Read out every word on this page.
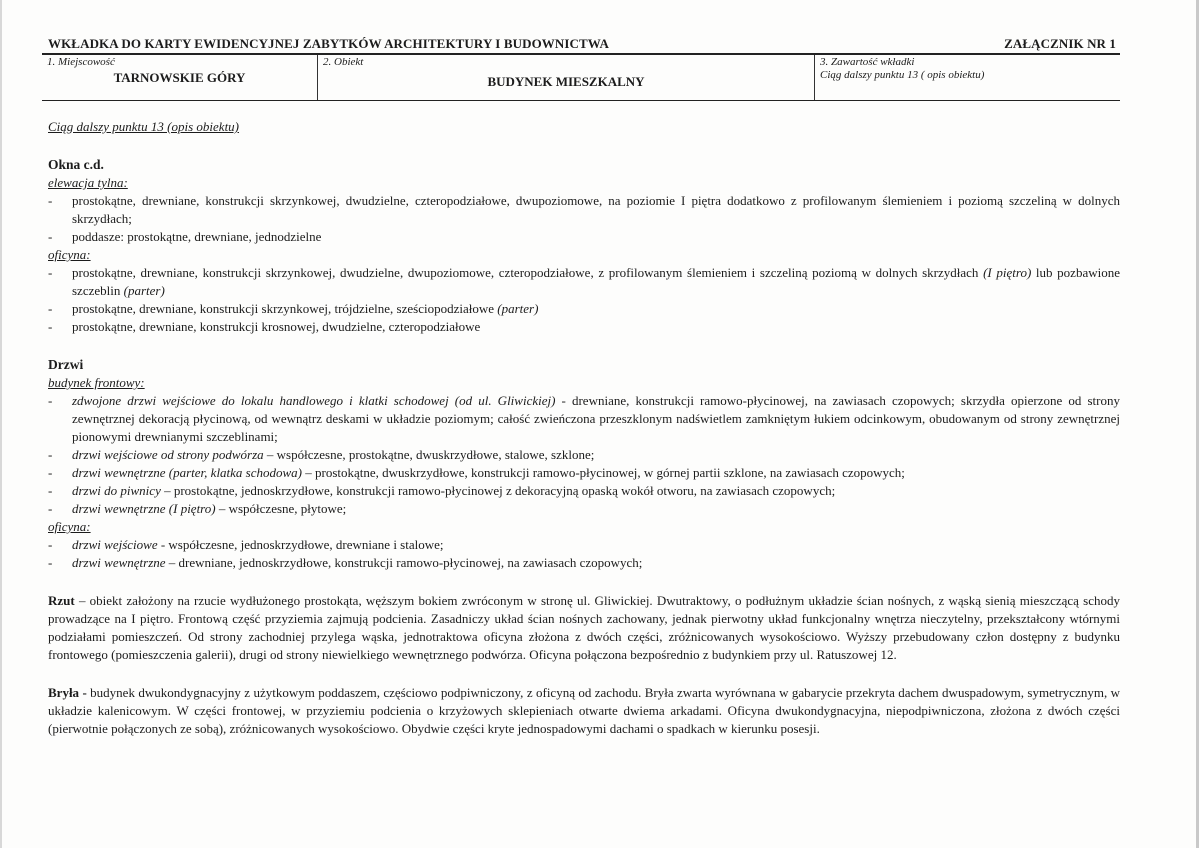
WKŁADKA DO KARTY EWIDENCYJNEJ ZABYTKÓW ARCHITEKTURY I BUDOWNICTWA	ZAŁĄCZNIK NR 1
1. Miejscowość
TARNOWSKIE GÓRY
2. Obiekt
BUDYNEK MIESZKALNY
3. Zawartość wkładki
Ciąg dalszy punktu 13 ( opis obiektu)
Ciąg dalszy punktu 13 (opis obiektu)
Okna c.d.
elewacja tylna:
-	prostokątne, drewniane, konstrukcji skrzynkowej, dwudzielne, czteropodziałowe, dwupoziomowe, na poziomie I piętra dodatkowo z profilowanym ślemieniem i poziomą szczeliną w dolnych skrzydłach;
-	poddasze: prostokątne, drewniane, jednodzielne
oficyna:
-	prostokątne, drewniane, konstrukcji skrzynkowej, dwudzielne, dwupoziomowe, czteropodziałowe, z profilowanym ślemieniem i szczeliną poziomą w dolnych skrzydłach (I piętro) lub pozbawione szczeblin (parter)
-	prostokątne, drewniane, konstrukcji skrzynkowej, trójdzielne, sześciopodziałowe (parter)
-	prostokątne, drewniane, konstrukcji krosnowej, dwudzielne, czteropodziałowe
Drzwi
budynek frontowy:
-	zdwojone drzwi wejściowe do lokalu handlowego i klatki schodowej (od ul. Gliwickiej) - drewniane, konstrukcji ramowo-płycinowej, na zawiasach czopowych; skrzydła opierzone od strony zewnętrznej dekoracją płycinową, od wewnątrz deskami w układzie poziomym; całość zwieńczona przeszklonym nadświetlem zamkniętym łukiem odcinkowym, obudowanym od strony zewnętrznej pionowymi drewnianymi szczeblinami;
-	drzwi wejściowe od strony podwórza – współczesne, prostokątne, dwuskrzydłowe, stalowe, szklone;
-	drzwi wewnętrzne (parter, klatka schodowa) – prostokątne, dwuskrzydłowe, konstrukcji ramowo-płycinowej, w górnej partii szklone, na zawiasach czopowych;
-	drzwi do piwnicy – prostokątne, jednoskrzydłowe, konstrukcji ramowo-płycinowej z dekoracyjną opaską wokół otworu, na zawiasach czopowych;
-	drzwi wewnętrzne (I piętro) – współczesne, płytowe;
oficyna:
-	drzwi wejściowe - współczesne, jednoskrzydłowe, drewniane i stalowe;
-	drzwi wewnętrzne – drewniane, jednoskrzydłowe, konstrukcji ramowo-płycinowej, na zawiasach czopowych;
Rzut – obiekt założony na rzucie wydłużonego prostokąta, węższym bokiem zwróconym w stronę ul. Gliwickiej. Dwutraktowy, o podłużnym układzie ścian nośnych, z wąską sienią mieszczącą schody prowadzące na I piętro. Frontową część przyziemia zajmują podcienia. Zasadniczy układ ścian nośnych zachowany, jednak pierwotny układ funkcjonalny wnętrza nieczytelny, przekształcony wtórnymi podziałami pomieszczeń. Od strony zachodniej przylega wąska, jednotraktowa oficyna złożona z dwóch części, zróżnicowanych wysokościowo. Wyższy przebudowany człon dostępny z budynku frontowego (pomieszczenia galerii), drugi od strony niewielkiego wewnętrznego podwórza. Oficyna połączona bezpośrednio z budynkiem przy ul. Ratuszowej 12.
Bryła - budynek dwukondygnacyjny z użytkowym poddaszem, częściowo podpiwniczony, z oficyną od zachodu. Bryła zwarta wyrównana w gabarycie przekryta dachem dwuspadowym, symetrycznym, w układzie kalenicowym. W części frontowej, w przyziemiu podcienia o krzyżowych sklepieniach otwarte dwiema arkadami. Oficyna dwukondygnacyjna, niepodpiwniczona, złożona z dwóch części (pierwotnie połączonych ze sobą), zróżnicowanych wysokościowo. Obydwie części kryte jednospadowymi dachami o spadkach w kierunku posesji.
